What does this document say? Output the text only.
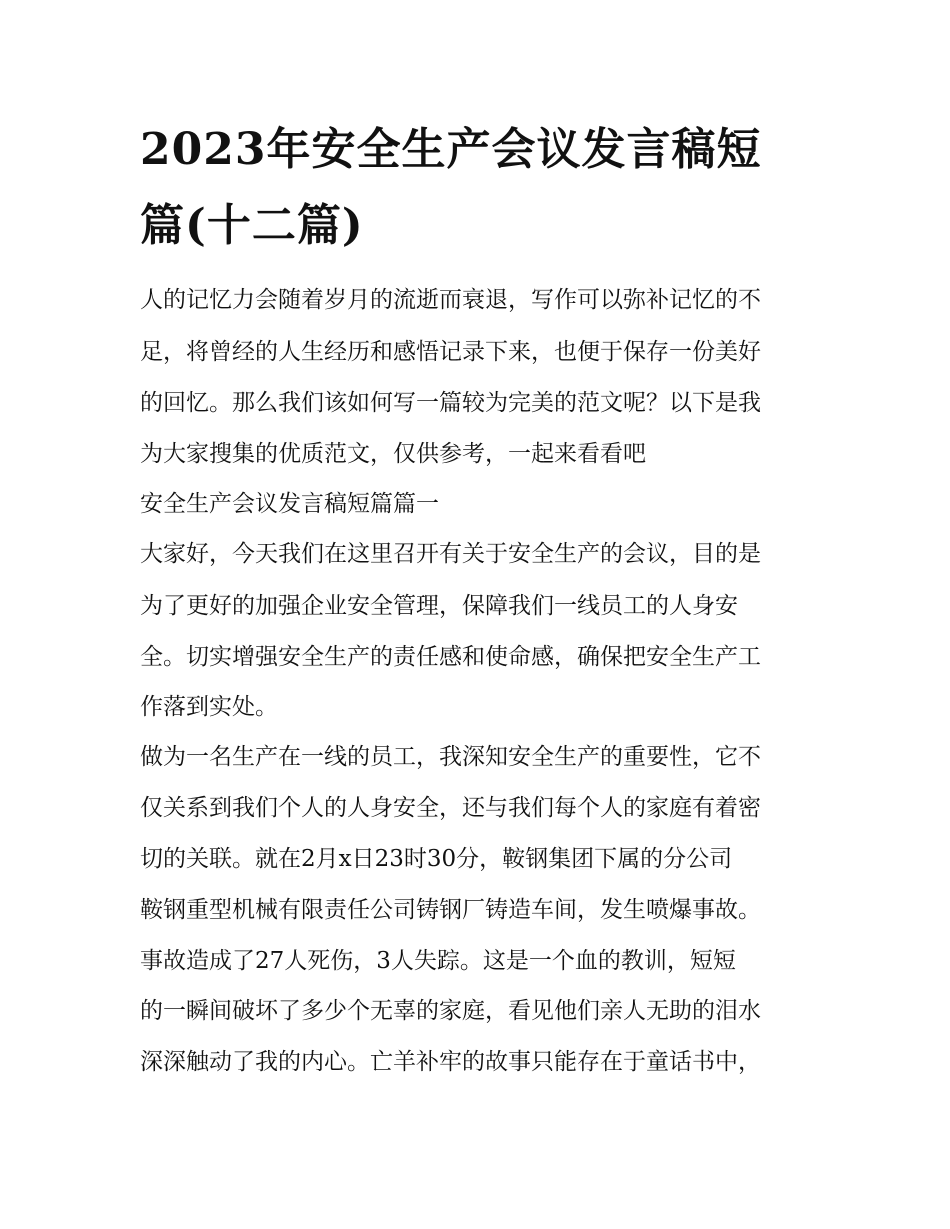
2023年安全生产会议发言稿短
篇(十二篇)
人的记忆力会随着岁月的流逝而衰退，写作可以弥补记忆的不
足，将曾经的人生经历和感悟记录下来，也便于保存一份美好
的回忆。那么我们该如何写一篇较为完美的范文呢？以下是我
为大家搜集的优质范文，仅供参考，一起来看看吧
安全生产会议发言稿短篇篇一
大家好，今天我们在这里召开有关于安全生产的会议，目的是
为了更好的加强企业安全管理，保障我们一线员工的人身安
全。切实增强安全生产的责任感和使命感，确保把安全生产工
作落到实处。
做为一名生产在一线的员工，我深知安全生产的重要性，它不
仅关系到我们个人的人身安全，还与我们每个人的家庭有着密
切的关联。就在2月x日23时30分，鞍钢集团下属的分公司
鞍钢重型机械有限责任公司铸钢厂铸造车间，发生喷爆事故。
事故造成了27人死伤，3人失踪。这是一个血的教训，短短
的一瞬间破坏了多少个无辜的家庭，看见他们亲人无助的泪水
深深触动了我的内心。亡羊补牢的故事只能存在于童话书中，
